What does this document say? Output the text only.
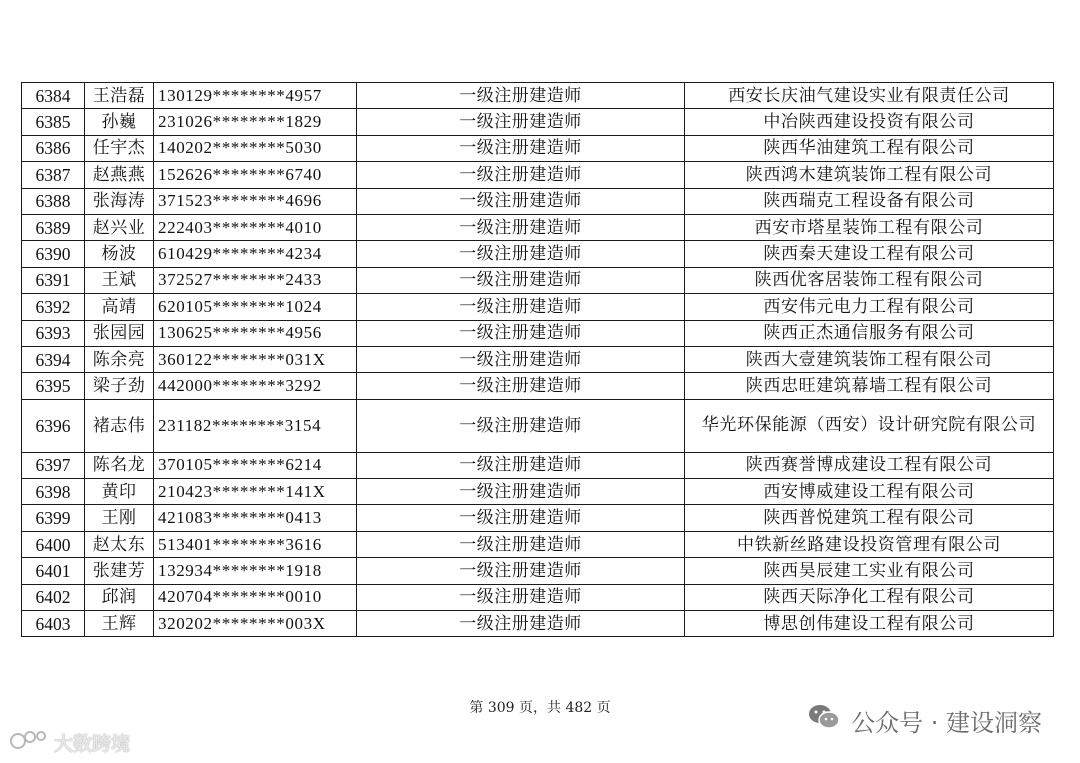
6384	王浩磊	130129********4957	一级注册建造师	西安长庆油气建设实业有限责任公司
6385	孙巍	231026********1829	一级注册建造师	中冶陕西建设投资有限公司
6386	任宇杰	140202********5030	一级注册建造师	陕西华油建筑工程有限公司
6387	赵燕燕	152626********6740	一级注册建造师	陕西鸿木建筑装饰工程有限公司
6388	张海涛	371523********4696	一级注册建造师	陕西瑞克工程设备有限公司
6389	赵兴业	222403********4010	一级注册建造师	西安市塔星装饰工程有限公司
6390	杨波	610429********4234	一级注册建造师	陕西秦天建设工程有限公司
6391	王斌	372527********2433	一级注册建造师	陕西优客居装饰工程有限公司
6392	高靖	620105********1024	一级注册建造师	西安伟元电力工程有限公司
6393	张园园	130625********4956	一级注册建造师	陕西正杰通信服务有限公司
6394	陈余亮	360122********031X	一级注册建造师	陕西大壹建筑装饰工程有限公司
6395	梁子劲	442000********3292	一级注册建造师	陕西忠旺建筑幕墙工程有限公司
6396	褚志伟	231182********3154	一级注册建造师	华光环保能源（西安）设计研究院有限公司
6397	陈名龙	370105********6214	一级注册建造师	陕西赛誉博成建设工程有限公司
6398	黄印	210423********141X	一级注册建造师	西安博威建设工程有限公司
6399	王刚	421083********0413	一级注册建造师	陕西普悦建筑工程有限公司
6400	赵太东	513401********3616	一级注册建造师	中铁新丝路建设投资管理有限公司
6401	张建芳	132934********1918	一级注册建造师	陕西昊辰建工实业有限公司
6402	邱润	420704********0010	一级注册建造师	陕西天际净化工程有限公司
6403	王辉	320202********003X	一级注册建造师	博思创伟建设工程有限公司
第 309 页，共 482 页
大数跨境
公众号 · 建设洞察
